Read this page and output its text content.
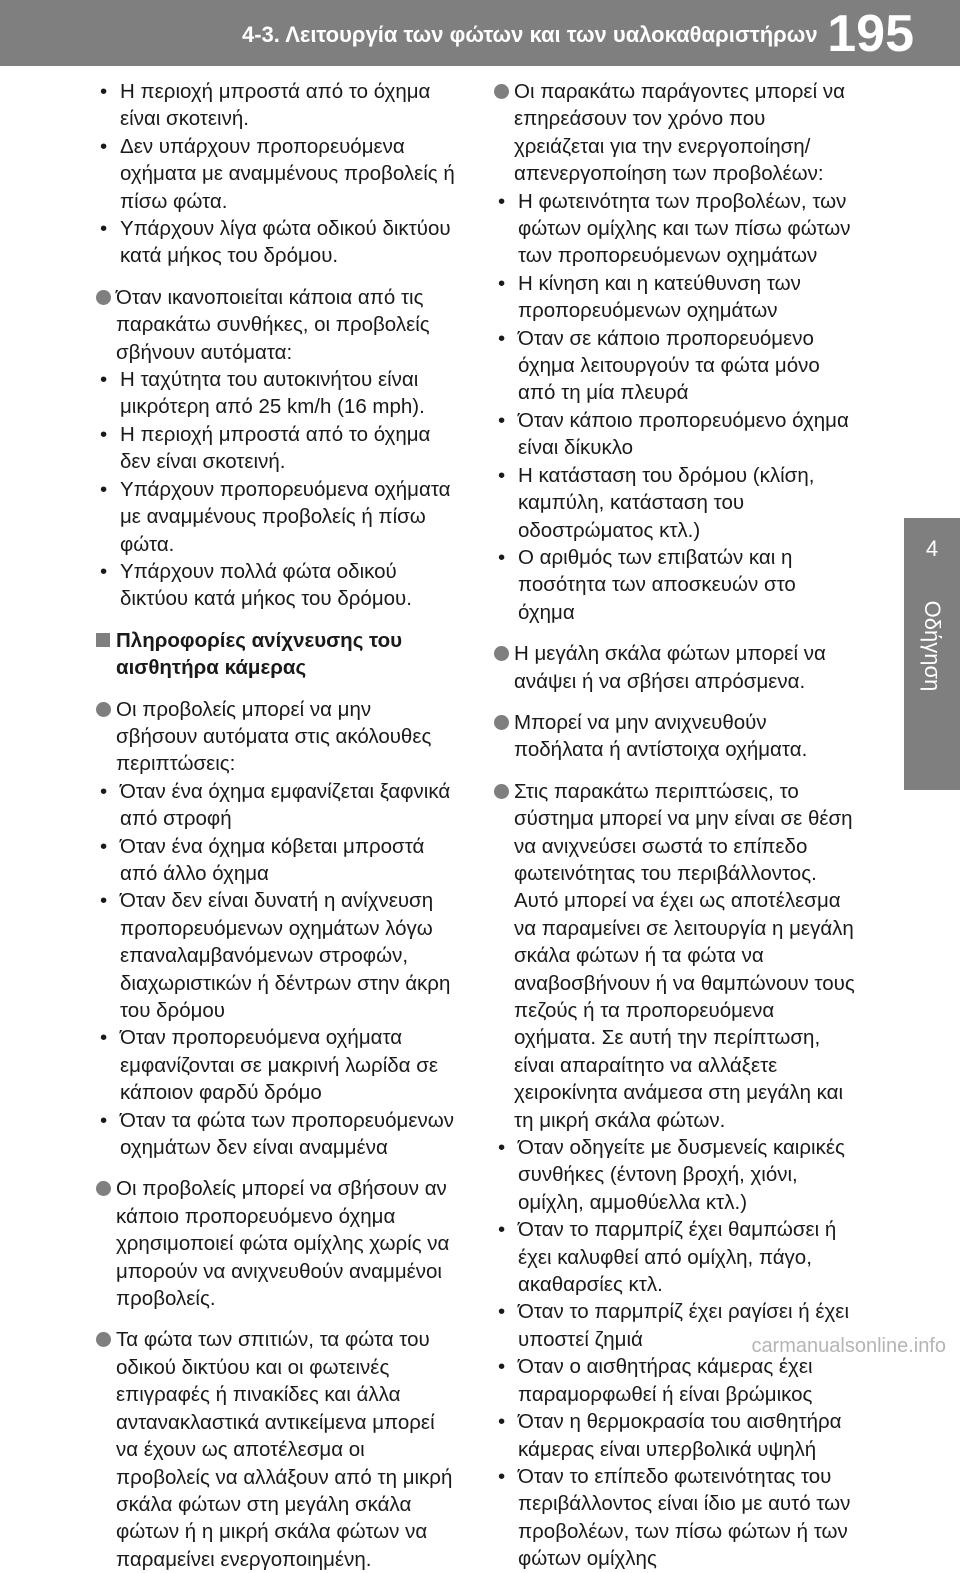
4-3. Λειτουργία των φώτων και των υαλοκαθαριστήρων 195
4
Οδήγηση
• Η περιοχή μπροστά από το όχημα είναι σκοτεινή.
• Δεν υπάρχουν προπορευόμενα οχήματα με αναμμένους προβολείς ή πίσω φώτα.
• Υπάρχουν λίγα φώτα οδικού δικτύου κατά μήκος του δρόμου.
Όταν ικανοποιείται κάποια από τις παρακάτω συνθήκες, οι προβολείς σβήνουν αυτόματα:
• Η ταχύτητα του αυτοκινήτου είναι μικρότερη από 25 km/h (16 mph).
• Η περιοχή μπροστά από το όχημα δεν είναι σκοτεινή.
• Υπάρχουν προπορευόμενα οχήματα με αναμμένους προβολείς ή πίσω φώτα.
• Υπάρχουν πολλά φώτα οδικού δικτύου κατά μήκος του δρόμου.
Πληροφορίες ανίχνευσης του αισθητήρα κάμερας
Οι προβολείς μπορεί να μην σβήσουν αυτόματα στις ακόλουθες περιπτώσεις:
• Όταν ένα όχημα εμφανίζεται ξαφνικά από στροφή
• Όταν ένα όχημα κόβεται μπροστά από άλλο όχημα
• Όταν δεν είναι δυνατή η ανίχνευση προπορευόμενων οχημάτων λόγω επαναλαμβανόμενων στροφών, διαχωριστικών ή δέντρων στην άκρη του δρόμου
• Όταν προπορευόμενα οχήματα εμφανίζονται σε μακρινή λωρίδα σε κάποιον φαρδύ δρόμο
• Όταν τα φώτα των προπορευόμενων οχημάτων δεν είναι αναμμένα
Οι προβολείς μπορεί να σβήσουν αν κάποιο προπορευόμενο όχημα χρησιμοποιεί φώτα ομίχλης χωρίς να μπορούν να ανιχνευθούν αναμμένοι προβολείς.
Τα φώτα των σπιτιών, τα φώτα του οδικού δικτύου και οι φωτεινές επιγραφές ή πινακίδες και άλλα αντανακλαστικά αντικείμενα μπορεί να έχουν ως αποτέλεσμα οι προβολείς να αλλάξουν από τη μικρή σκάλα φώτων στη μεγάλη σκάλα φώτων ή η μικρή σκάλα φώτων να παραμείνει ενεργοποιημένη.
Οι παρακάτω παράγοντες μπορεί να επηρεάσουν τον χρόνο που χρειάζεται για την ενεργοποίηση/απενεργοποίηση των προβολέων:
• Η φωτεινότητα των προβολέων, των φώτων ομίχλης και των πίσω φώτων των προπορευόμενων οχημάτων
• Η κίνηση και η κατεύθυνση των προπορευόμενων οχημάτων
• Όταν σε κάποιο προπορευόμενο όχημα λειτουργούν τα φώτα μόνο από τη μία πλευρά
• Όταν κάποιο προπορευόμενο όχημα είναι δίκυκλο
• Η κατάσταση του δρόμου (κλίση, καμπύλη, κατάσταση του οδοστρώματος κτλ.)
• Ο αριθμός των επιβατών και η ποσότητα των αποσκευών στο όχημα
Η μεγάλη σκάλα φώτων μπορεί να ανάψει ή να σβήσει απρόσμενα.
Μπορεί να μην ανιχνευθούν ποδήλατα ή αντίστοιχα οχήματα.
Στις παρακάτω περιπτώσεις, το σύστημα μπορεί να μην είναι σε θέση να ανιχνεύσει σωστά το επίπεδο φωτεινότητας του περιβάλλοντος. Αυτό μπορεί να έχει ως αποτέλεσμα να παραμείνει σε λειτουργία η μεγάλη σκάλα φώτων ή τα φώτα να αναβοσβήνουν ή να θαμπώνουν τους πεζούς ή τα προπορευόμενα οχήματα. Σε αυτή την περίπτωση, είναι απαραίτητο να αλλάξετε χειροκίνητα ανάμεσα στη μεγάλη και τη μικρή σκάλα φώτων.
• Όταν οδηγείτε με δυσμενείς καιρικές συνθήκες (έντονη βροχή, χιόνι, ομίχλη, αμμοθύελλα κτλ.)
• Όταν το παρμπρίζ έχει θαμπώσει ή έχει καλυφθεί από ομίχλη, πάγο, ακαθαρσίες κτλ.
• Όταν το παρμπρίζ έχει ραγίσει ή έχει υποστεί ζημιά
• Όταν ο αισθητήρας κάμερας έχει παραμορφωθεί ή είναι βρώμικος
• Όταν η θερμοκρασία του αισθητήρα κάμερας είναι υπερβολικά υψηλή
• Όταν το επίπεδο φωτεινότητας του περιβάλλοντος είναι ίδιο με αυτό των προβολέων, των πίσω φώτων ή των φώτων ομίχλης
carmanualsonline.info
